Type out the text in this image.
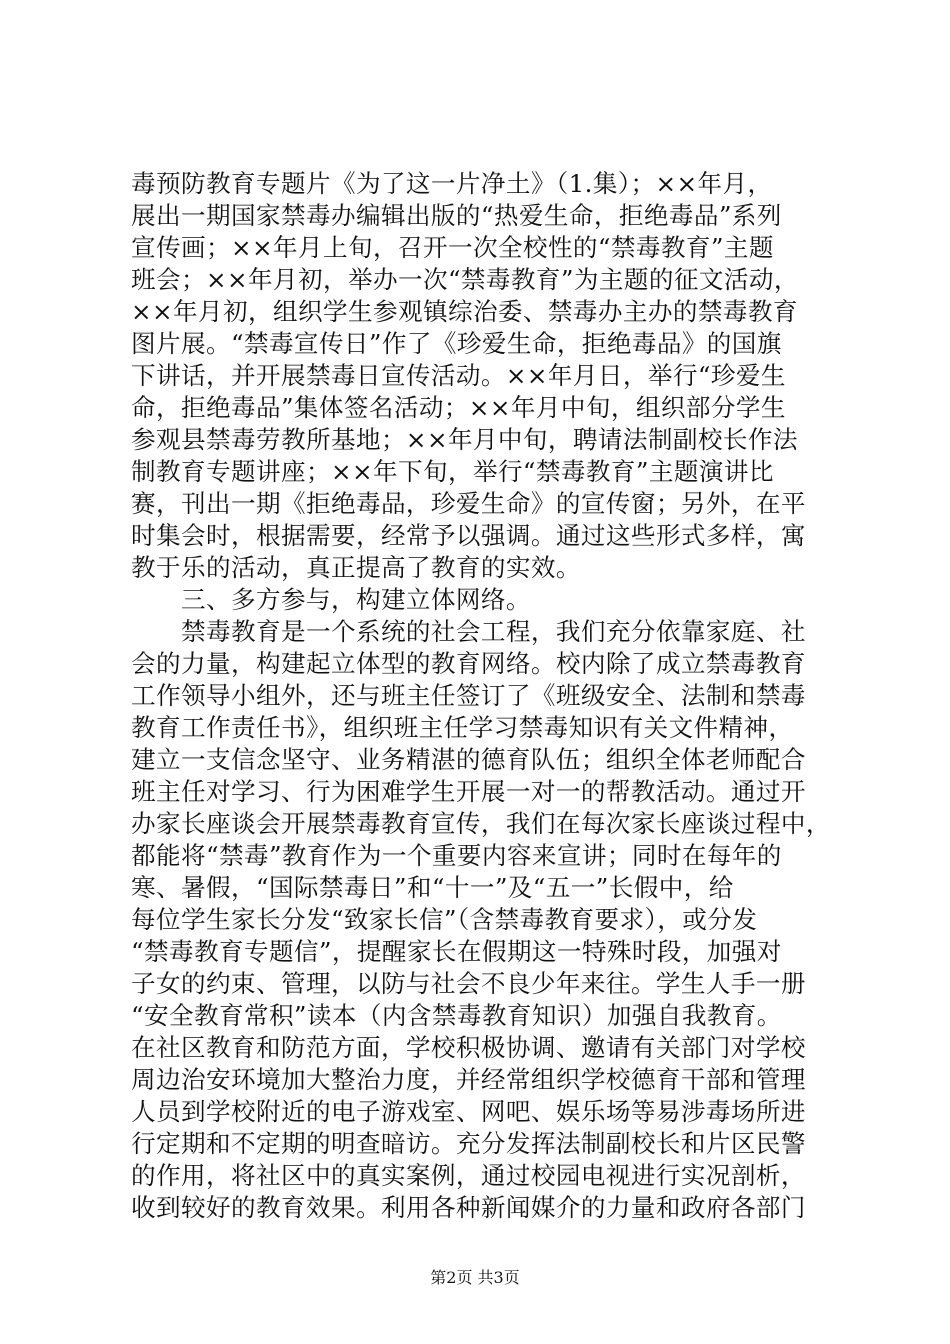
毒预防教育专题片《为了这一片净土》（1.集）；××年月，
展出一期国家禁毒办编辑出版的“热爱生命，拒绝毒品”系列
宣传画；××年月上旬，召开一次全校性的“禁毒教育”主题
班会；××年月初，举办一次“禁毒教育”为主题的征文活动，
××年月初，组织学生参观镇综治委、禁毒办主办的禁毒教育
图片展。“禁毒宣传日”作了《珍爱生命，拒绝毒品》的国旗
下讲话，并开展禁毒日宣传活动。××年月日，举行“珍爱生
命，拒绝毒品”集体签名活动；××年月中旬，组织部分学生
参观县禁毒劳教所基地；××年月中旬，聘请法制副校长作法
制教育专题讲座；××年下旬，举行“禁毒教育”主题演讲比
赛，刊出一期《拒绝毒品，珍爱生命》的宣传窗；另外，在平
时集会时，根据需要，经常予以强调。通过这些形式多样，寓
教于乐的活动，真正提高了教育的实效。
　　三、多方参与，构建立体网络。
　　禁毒教育是一个系统的社会工程，我们充分依靠家庭、社
会的力量，构建起立体型的教育网络。校内除了成立禁毒教育
工作领导小组外，还与班主任签订了《班级安全、法制和禁毒
教育工作责任书》，组织班主任学习禁毒知识有关文件精神，
建立一支信念坚守、业务精湛的德育队伍；组织全体老师配合
班主任对学习、行为困难学生开展一对一的帮教活动。通过开
办家长座谈会开展禁毒教育宣传，我们在每次家长座谈过程中，
都能将“禁毒”教育作为一个重要内容来宣讲；同时在每年的
寒、暑假，“国际禁毒日”和“十一”及“五一”长假中，给
每位学生家长分发“致家长信”（含禁毒教育要求），或分发
“禁毒教育专题信”，提醒家长在假期这一特殊时段，加强对
子女的约束、管理，以防与社会不良少年来往。学生人手一册
“安全教育常积”读本（内含禁毒教育知识）加强自我教育。
在社区教育和防范方面，学校积极协调、邀请有关部门对学校
周边治安环境加大整治力度，并经常组织学校德育干部和管理
人员到学校附近的电子游戏室、网吧、娱乐场等易涉毒场所进
行定期和不定期的明查暗访。充分发挥法制副校长和片区民警
的作用，将社区中的真实案例，通过校园电视进行实况剖析，
收到较好的教育效果。利用各种新闻媒介的力量和政府各部门
第2页 共3页
